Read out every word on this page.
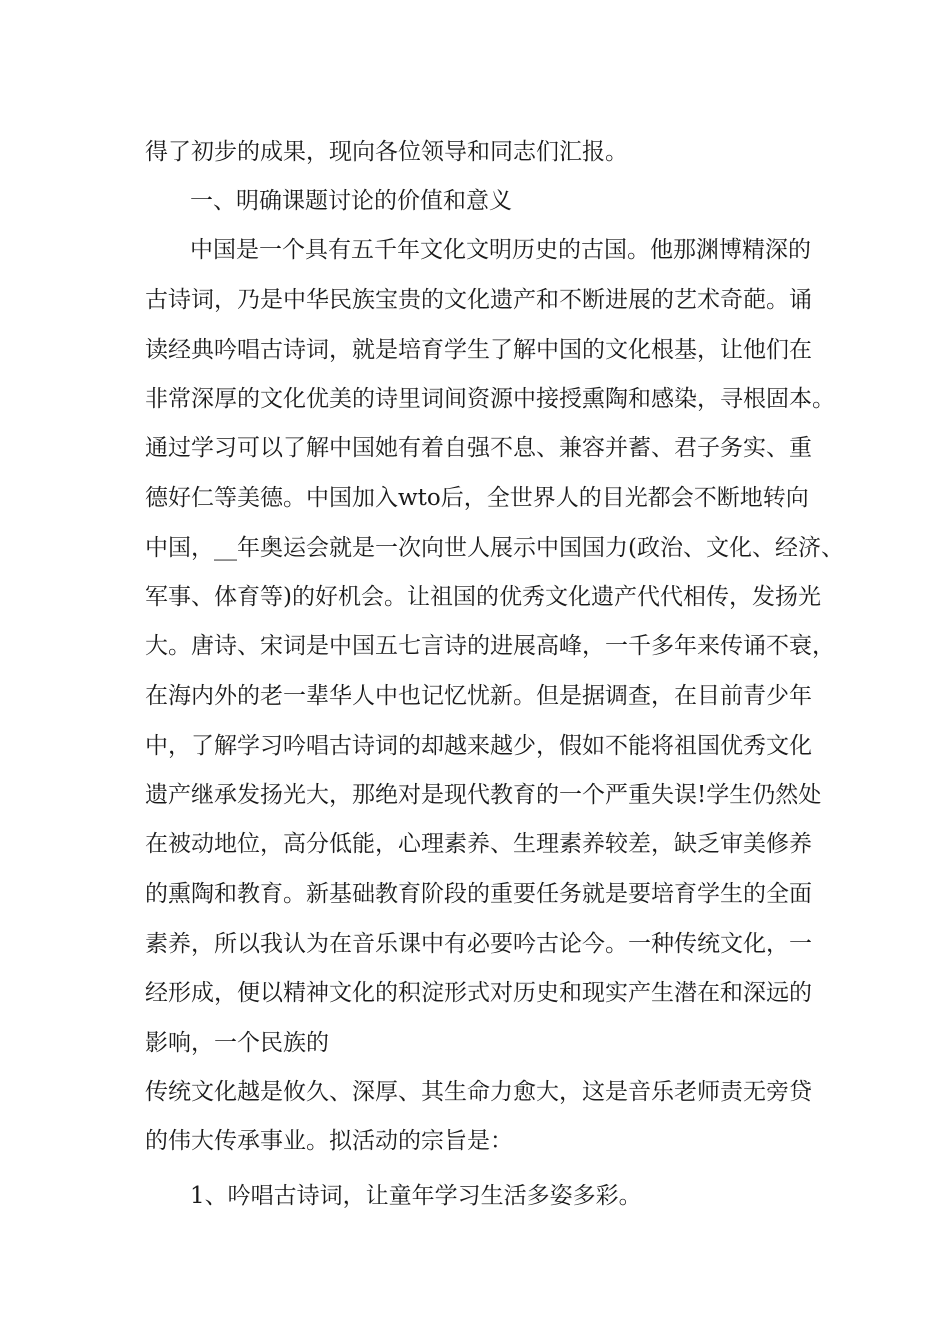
得了初步的成果，现向各位领导和同志们汇报。

一、明确课题讨论的价值和意义

中国是一个具有五千年文化文明历史的古国。他那渊博精深的

古诗词，乃是中华民族宝贵的文化遗产和不断进展的艺术奇葩。诵

读经典吟唱古诗词，就是培育学生了解中国的文化根基，让他们在

非常深厚的文化优美的诗里词间资源中接授熏陶和感染，寻根固本。

通过学习可以了解中国她有着自强不息、兼容并蓄、君子务实、重

德好仁等美德。中国加入wto后，全世界人的目光都会不断地转向

中国，__年奥运会就是一次向世人展示中国国力(政治、文化、经济、

军事、体育等)的好机会。让祖国的优秀文化遗产代代相传，发扬光

大。唐诗、宋词是中国五七言诗的进展高峰，一千多年来传诵不衰，

在海内外的老一辈华人中也记忆忧新。但是据调查，在目前青少年

中，了解学习吟唱古诗词的却越来越少，假如不能将祖国优秀文化

遗产继承发扬光大，那绝对是现代教育的一个严重失误!学生仍然处

在被动地位，高分低能，心理素养、生理素养较差，缺乏审美修养

的熏陶和教育。新基础教育阶段的重要任务就是要培育学生的全面

素养，所以我认为在音乐课中有必要吟古论今。一种传统文化，一

经形成，便以精神文化的积淀形式对历史和现实产生潜在和深远的

影响，一个民族的

传统文化越是攸久、深厚、其生命力愈大，这是音乐老师责无旁贷

的伟大传承事业。拟活动的宗旨是：

1、吟唱古诗词，让童年学习生活多姿多彩。
